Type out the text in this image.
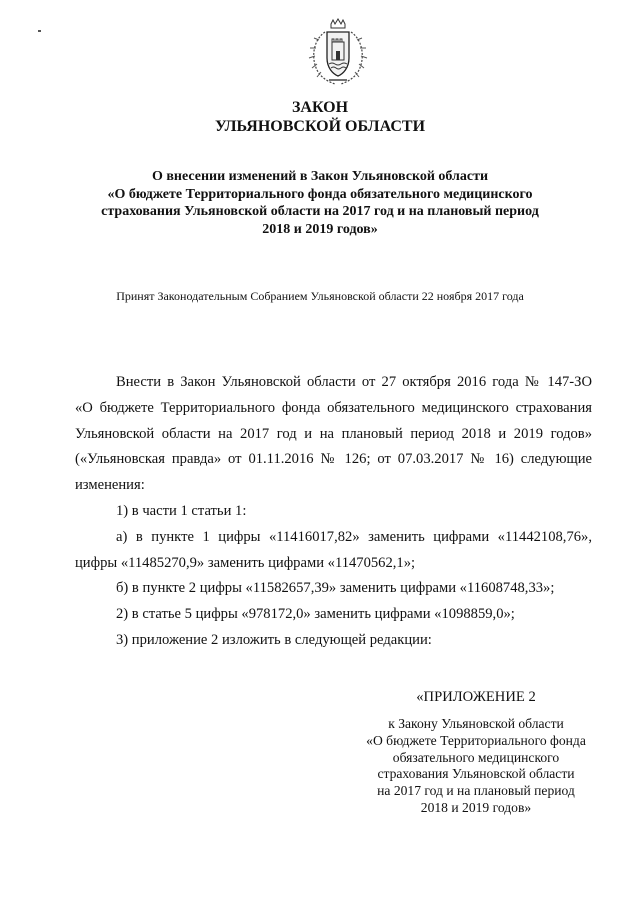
ЗАКОН
УЛЬЯНОВСКОЙ ОБЛАСТИ
О внесении изменений в Закон Ульяновской области
«О бюджете Территориального фонда обязательного медицинского
страхования Ульяновской области на 2017 год и на плановый период
2018 и 2019 годов»
Принят Законодательным Собранием Ульяновской области 22 ноября 2017 года

Внести в Закон Ульяновской области от 27 октября 2016 года № 147-ЗО

«О бюджете Территориального фонда обязательного медицинского страхования

Ульяновской области на 2017 год и на плановый период 2018 и 2019 годов»

(«Ульяновская правда» от 01.11.2016 № 126; от 07.03.2017 № 16) следующие

изменения:

1) в части 1 статьи 1:

а) в пункте 1 цифры «11416017,82» заменить цифрами «11442108,76»,

цифры «11485270,9» заменить цифрами «11470562,1»;

б) в пункте 2 цифры «11582657,39» заменить цифрами «11608748,33»;

2) в статье 5 цифры «978172,0» заменить цифрами «1098859,0»;

3) приложение 2 изложить в следующей редакции:

«ПРИЛОЖЕНИЕ 2
к Закону Ульяновской области
«О бюджете Территориального фонда
обязательного медицинского
страхования Ульяновской области
на 2017 год и на плановый период
2018 и 2019 годов»
